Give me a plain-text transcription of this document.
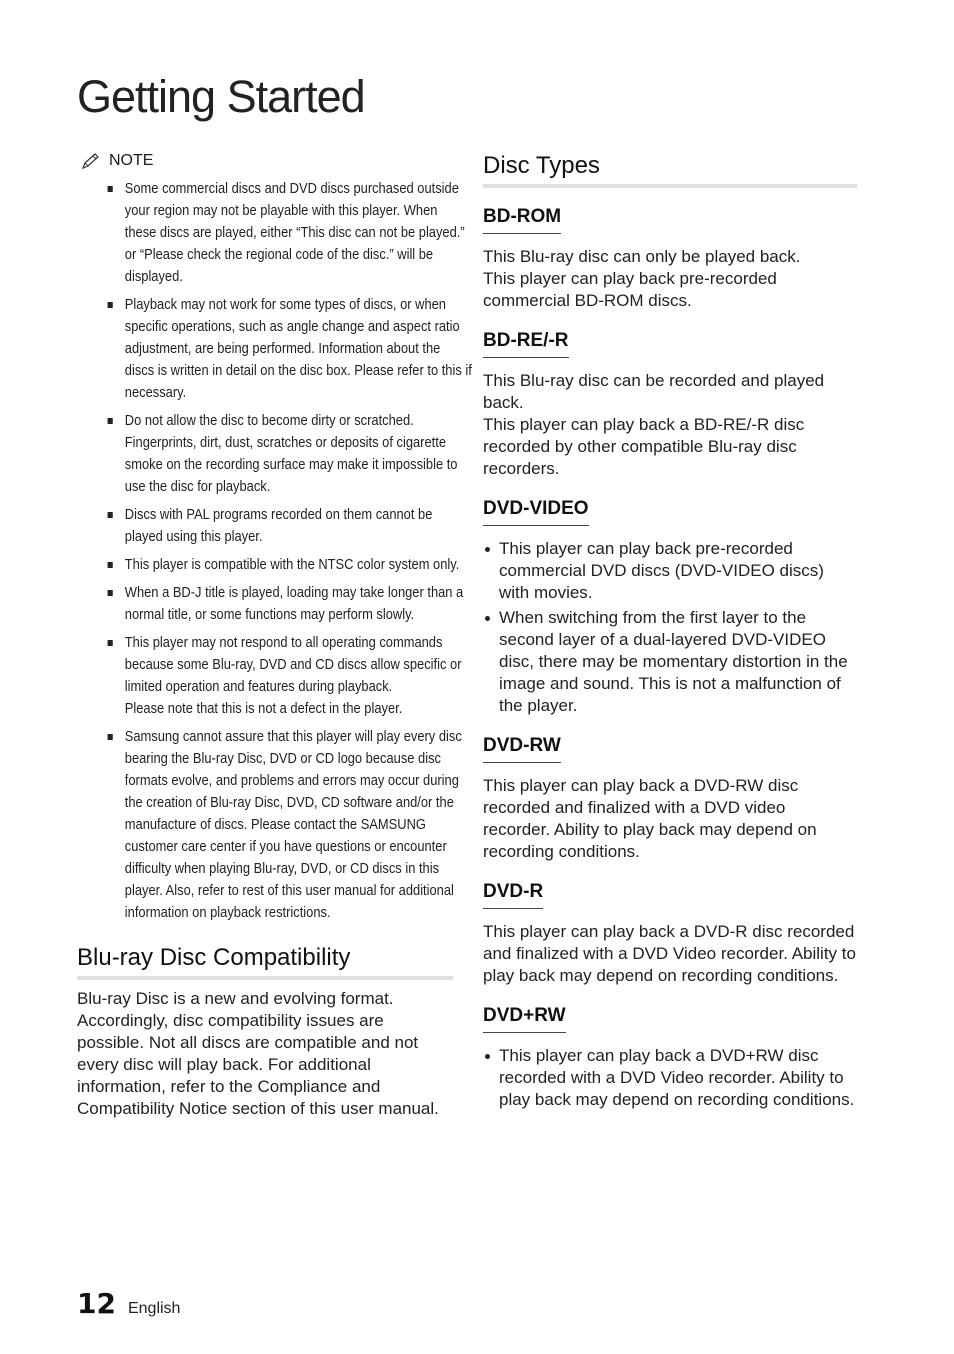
Getting Started
NOTE
Some commercial discs and DVD discs purchased outside your region may not be playable with this player. When these discs are played, either “This disc can not be played.” or “Please check the regional code of the disc.” will be displayed.
Playback may not work for some types of discs, or when specific operations, such as angle change and aspect ratio adjustment, are being performed. Information about the discs is written in detail on the disc box. Please refer to this if necessary.
Do not allow the disc to become dirty or scratched. Fingerprints, dirt, dust, scratches or deposits of cigarette smoke on the recording surface may make it impossible to use the disc for playback.
Discs with PAL programs recorded on them cannot be played using this player.
This player is compatible with the NTSC color system only.
When a BD-J title is played, loading may take longer than a normal title, or some functions may perform slowly.
This player may not respond to all operating commands because some Blu-ray, DVD and CD discs allow specific or limited operation and features during playback.
Please note that this is not a defect in the player.
Samsung cannot assure that this player will play every disc bearing the Blu-ray Disc, DVD or CD logo because disc formats evolve, and problems and errors may occur during the creation of Blu-ray Disc, DVD, CD software and/or the manufacture of discs. Please contact the SAMSUNG customer care center if you have questions or encounter difficulty when playing Blu-ray, DVD, or CD discs in this player. Also, refer to rest of this user manual for additional information on playback restrictions.
Blu-ray Disc Compatibility

Blu-ray Disc is a new and evolving format. Accordingly, disc compatibility issues are possible. Not all discs are compatible and not every disc will play back. For additional information, refer to the Compliance and Compatibility Notice section of this user manual.

Disc Types
BD-ROM

This Blu-ray disc can only be played back.
This player can play back pre-recorded commercial BD-ROM discs.

BD-RE/-R

This Blu-ray disc can be recorded and played back.
This player can play back a BD-RE/-R disc recorded by other compatible Blu-ray disc recorders.

DVD-VIDEO
This player can play back pre-recorded commercial DVD discs (DVD-VIDEO discs) with movies.
When switching from the first layer to the second layer of a dual-layered DVD-VIDEO disc, there may be momentary distortion in the image and sound. This is not a malfunction of the player.
DVD-RW

This player can play back a DVD-RW disc recorded and finalized with a DVD video recorder. Ability to play back may depend on recording conditions.

DVD-R

This player can play back a DVD-R disc recorded and finalized with a DVD Video recorder. Ability to play back may depend on recording conditions.

DVD+RW
This player can play back a DVD+RW disc recorded with a DVD Video recorder. Ability to play back may depend on recording conditions.
12 English
